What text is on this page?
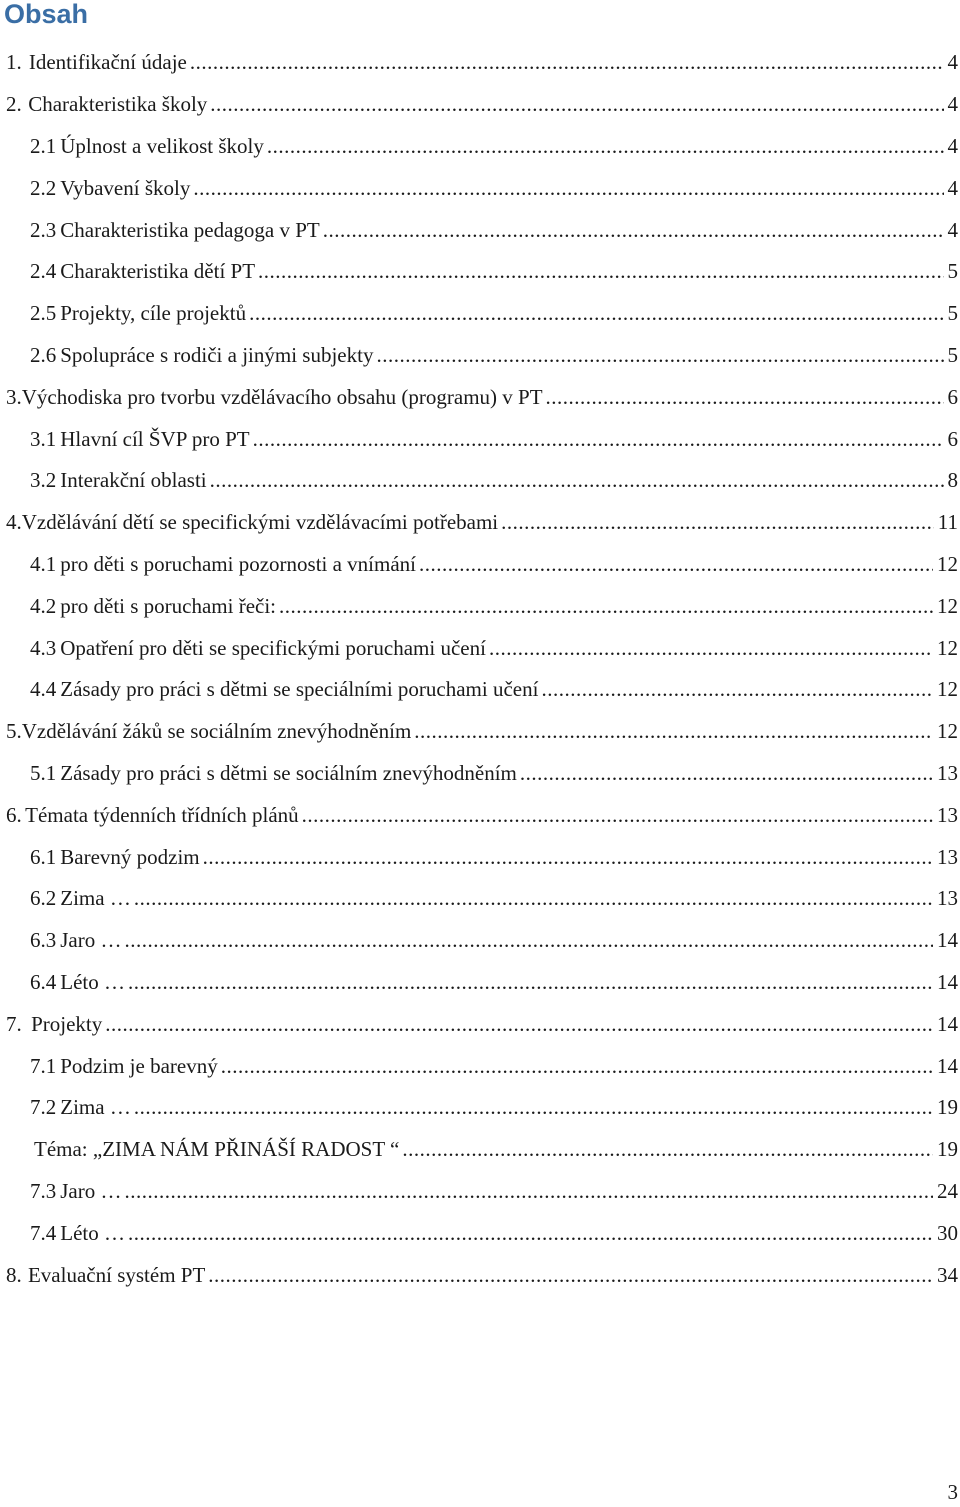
Obsah
1. Identifikační údaje .....	4
2. Charakteristika školy .....	4
2.1 Úplnost a velikost školy .....	4
2.2 Vybavení školy .....	4
2.3 Charakteristika pedagoga v PT .....	4
2.4 Charakteristika dětí PT .....	5
2.5 Projekty, cíle projektů .....	5
2.6 Spolupráce s rodiči a jinými subjekty .....	5
3. Východiska pro tvorbu vzdělávacího obsahu (programu) v PT .....	6
3.1 Hlavní cíl ŠVP pro PT .....	6
3.2 Interakční oblasti .....	8
4. Vzdělávání dětí se specifickými vzdělávacími potřebami .....	11
4.1 pro děti s poruchami pozornosti a vnímání .....	12
4.2 pro děti s poruchami řeči: .....	12
4.3 Opatření pro děti se specifickými poruchami učení .....	12
4.4 Zásady pro práci s dětmi se speciálními poruchami učení .....	12
5. Vzdělávání žáků se sociálním znevýhodněním .....	12
5.1 Zásady pro práci s dětmi se sociálním znevýhodněním .....	13
6. Témata týdenních třídních plánů .....	13
6.1 Barevný podzim .....	13
6.2 Zima … .....	13
6.3 Jaro … .....	14
6.4 Léto … .....	14
7. Projekty .....	14
7.1 Podzim je barevný .....	14
7.2 Zima … .....	19
Téma: „ZIMA NÁM PŘINÁŠÍ RADOST “ .....	19
7.3 Jaro … .....	24
7.4 Léto … .....	30
8. Evaluační systém PT .....	34

3
